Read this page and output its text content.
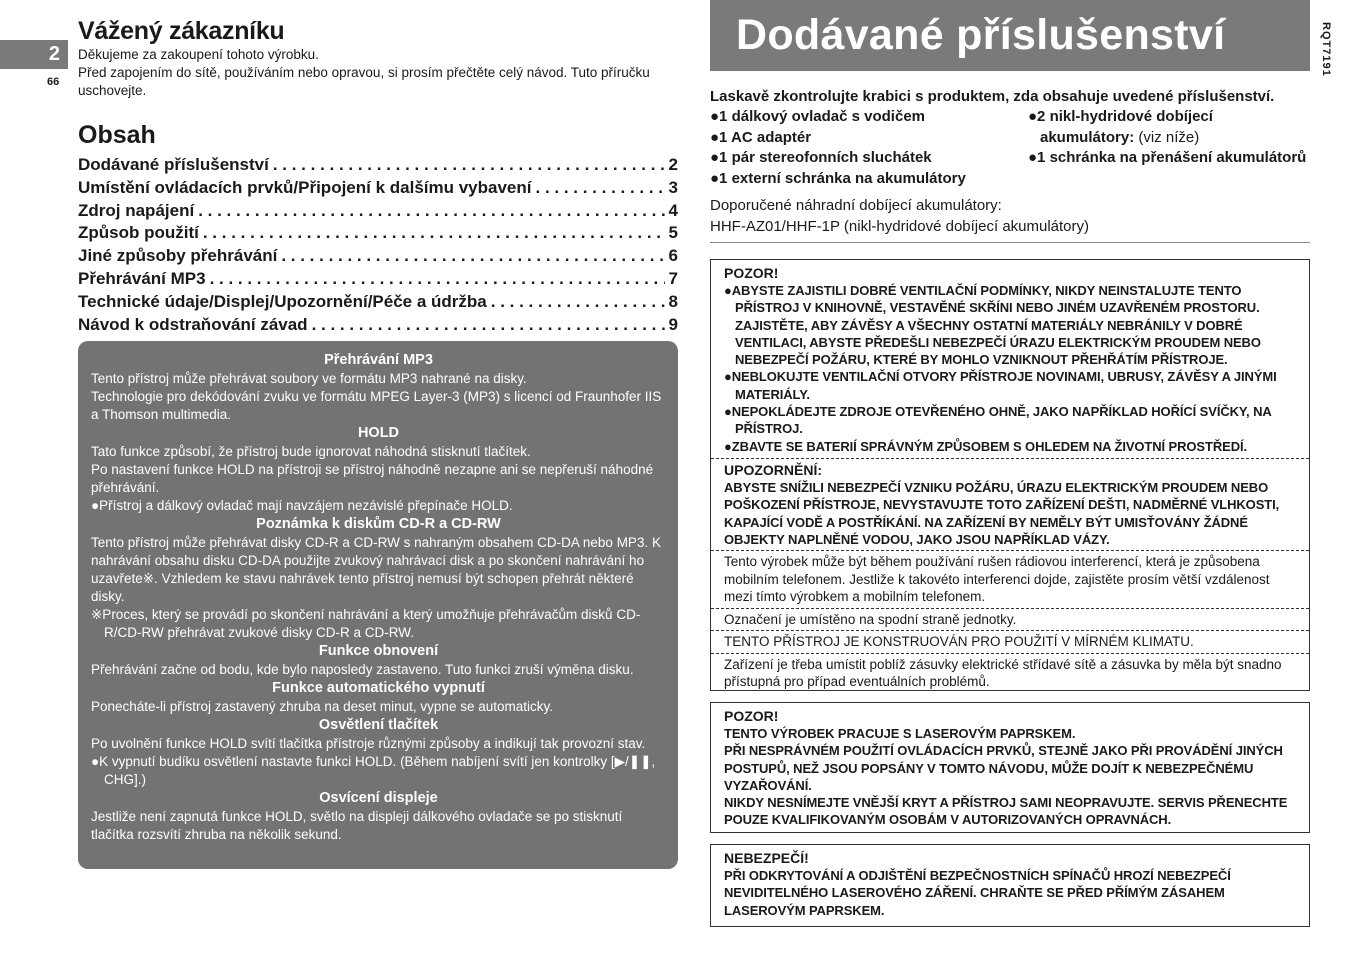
2
66
RQT7191
Vážený zákazníku

Děkujeme za zakoupení tohoto výrobku.

Před zapojením do sítě, používáním nebo opravou, si prosím přečtěte celý návod. Tuto příručku uschovejte.

Obsah
Dodávané příslušenství . . .	2
Umístění ovládacích prvků/Připojení k dalšímu vybavení . . .	3
Zdroj napájení . . .	4
Způsob použití . . .	5
Jiné způsoby přehrávání . . .	6
Přehrávání MP3 . . .	7
Technické údaje/Displej/Upozornění/Péče a údržba . . .	8
Návod k odstraňování závad . . .	9
Přehrávání MP3

Tento přístroj může přehrávat soubory ve formátu MP3 nahrané na disky.

Technologie pro dekódování zvuku ve formátu MPEG Layer-3 (MP3) s licencí od Fraunhofer IIS a Thomson multimedia.

HOLD

Tato funkce způsobí, že přístroj bude ignorovat náhodná stisknutí tlačítek.

Po nastavení funkce HOLD na přístroji se přístroj náhodně nezapne ani se nepřeruší náhodné přehrávání.

●Přístroj a dálkový ovladač mají navzájem nezávislé přepínače HOLD.

Poznámka k diskům CD-R a CD-RW

Tento přístroj může přehrávat disky CD-R a CD-RW s nahraným obsahem CD-DA nebo MP3. K nahrávání obsahu disku CD-DA použijte zvukový nahrávací disk a po skončení nahrávání ho uzavřete※. Vzhledem ke stavu nahrávek tento přístroj nemusí být schopen přehrát některé disky.

※Proces, který se provádí po skončení nahrávání a který umožňuje přehrávačům disků CD-R/CD-RW přehrávat zvukové disky CD-R a CD-RW.

Funkce obnovení

Přehrávání začne od bodu, kde bylo naposledy zastaveno. Tuto funkci zruší výměna disku.

Funkce automatického vypnutí

Ponecháte-li přístroj zastavený zhruba na deset minut, vypne se automaticky.

Osvětlení tlačítek

Po uvolnění funkce HOLD svítí tlačítka přístroje různými způsoby a indikují tak provozní stav.

●K vypnutí budíku osvětlení nastavte funkci HOLD. (Během nabíjení svítí jen kontrolky [▶/❚❚, CHG].)

Osvícení displeje

Jestliže není zapnutá funkce HOLD, světlo na displeji dálkového ovladače se po stisknutí tlačítka rozsvítí zhruba na několik sekund.

Dodávané příslušenství
Laskavě zkontrolujte krabici s produktem, zda obsahuje uvedené příslušenství.
●1 dálkový ovladač s vodičem
●1 AC adaptér
●1 pár stereofonních sluchátek
●1 externí schránka na akumulátory
●2 nikl-hydridové dobíjecí akumulátory: (viz níže)
●1 schránka na přenášení akumulátorů
Doporučené náhradní dobíjecí akumulátory:
HHF-AZ01/HHF-1P (nikl-hydridové dobíjecí akumulátory)
POZOR!
●ABYSTE ZAJISTILI DOBRÉ VENTILAČNÍ PODMÍNKY, NIKDY NEINSTALUJTE TENTO PŘÍSTROJ V KNIHOVNĚ, VESTAVĚNÉ SKŘÍNI NEBO JINÉM UZAVŘENÉM PROSTORU. ZAJISTĚTE, ABY ZÁVĚSY A VŠECHNY OSTATNÍ MATERIÁLY NEBRÁNILY V DOBRÉ VENTILACI, ABYSTE PŘEDEŠLI NEBEZPEČÍ ÚRAZU ELEKTRICKÝM PROUDEM NEBO NEBEZPEČÍ POŽÁRU, KTERÉ BY MOHLO VZNIKNOUT PŘEHŘÁTÍM PŘÍSTROJE.
●NEBLOKUJTE VENTILAČNÍ OTVORY PŘÍSTROJE NOVINAMI, UBRUSY, ZÁVĚSY A JINÝMI MATERIÁLY.
●NEPOKLÁDEJTE ZDROJE OTEVŘENÉHO OHNĚ, JAKO NAPŘÍKLAD HOŘÍCÍ SVÍČKY, NA PŘÍSTROJ.
●ZBAVTE SE BATERIÍ SPRÁVNÝM ZPŮSOBEM S OHLEDEM NA ŽIVOTNÍ PROSTŘEDÍ.
UPOZORNĚNÍ:
ABYSTE SNÍŽILI NEBEZPEČÍ VZNIKU POŽÁRU, ÚRAZU ELEKTRICKÝM PROUDEM NEBO POŠKOZENÍ PŘÍSTROJE, NEVYSTAVUJTE TOTO ZAŘÍZENÍ DEŠTI, NADMĚRNÉ VLHKOSTI, KAPAJÍCÍ VODĚ A POSTŘÍKÁNÍ. NA ZAŘÍZENÍ BY NEMĚLY BÝT UMISŤOVÁNY ŽÁDNÉ OBJEKTY NAPLNĚNÉ VODOU, JAKO JSOU NAPŘÍKLAD VÁZY.
Tento výrobek může být během používání rušen rádiovou interferencí, která je způsobena mobilním telefonem. Jestliže k takovéto interferenci dojde, zajistěte prosím větší vzdálenost mezi tímto výrobkem a mobilním telefonem.
Označení je umístěno na spodní straně jednotky.
TENTO PŘÍSTROJ JE KONSTRUOVÁN PRO POUŽITÍ V MÍRNÉM KLIMATU.
Zařízení je třeba umístit poblíž zásuvky elektrické střídavé sítě a zásuvka by měla být snadno přístupná pro případ eventuálních problémů.
POZOR!
TENTO VÝROBEK PRACUJE S LASEROVÝM PAPRSKEM.
PŘI NESPRÁVNÉM POUŽITÍ OVLÁDACÍCH PRVKŮ, STEJNĚ JAKO PŘI PROVÁDĚNÍ JINÝCH POSTUPŮ, NEŽ JSOU POPSÁNY V TOMTO NÁVODU, MŮŽE DOJÍT K NEBEZPEČNÉMU VYZAŘOVÁNÍ.
NIKDY NESNÍMEJTE VNĚJŠÍ KRYT A PŘÍSTROJ SAMI NEOPRAVUJTE. SERVIS PŘENECHTE POUZE KVALIFIKOVANÝM OSOBÁM V AUTORIZOVANÝCH OPRAVNÁCH.
NEBEZPEČÍ!
PŘI ODKRYTOVÁNÍ A ODJIŠTĚNÍ BEZPEČNOSTNÍCH SPÍNAČŮ HROZÍ NEBEZPEČÍ NEVIDITELNÉHO LASEROVÉHO ZÁŘENÍ. CHRAŇTE SE PŘED PŘÍMÝM ZÁSAHEM LASEROVÝM PAPRSKEM.
